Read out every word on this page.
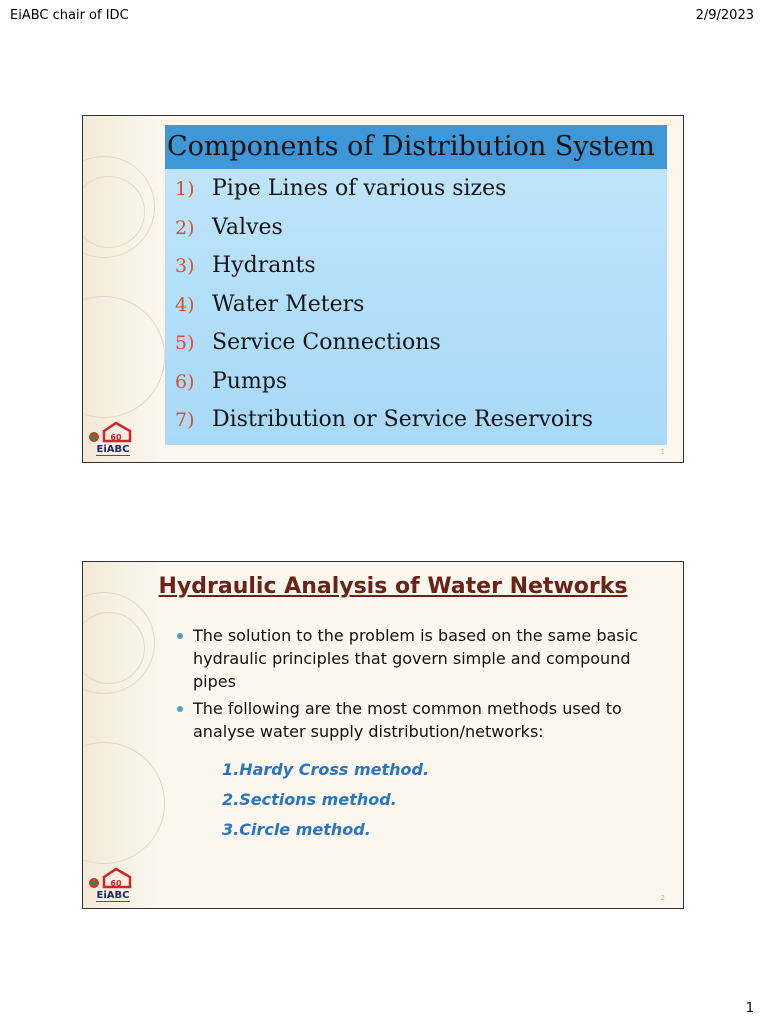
EiABC chair of IDC	2/9/2023
Components of Distribution System
1) Pipe Lines of various sizes
2) Valves
3) Hydrants
4) Water Meters
5) Service Connections
6) Pumps
7) Distribution or Service Reservoirs
60
EiABC	1
Hydraulic Analysis of Water Networks
The solution to the problem is based on the same basic hydraulic principles that govern simple and compound pipes
The following are the most common methods used to analyse water supply distribution/networks:
1.Hardy Cross method.
2.Sections method.
3.Circle method.
60
EiABC	2
1
